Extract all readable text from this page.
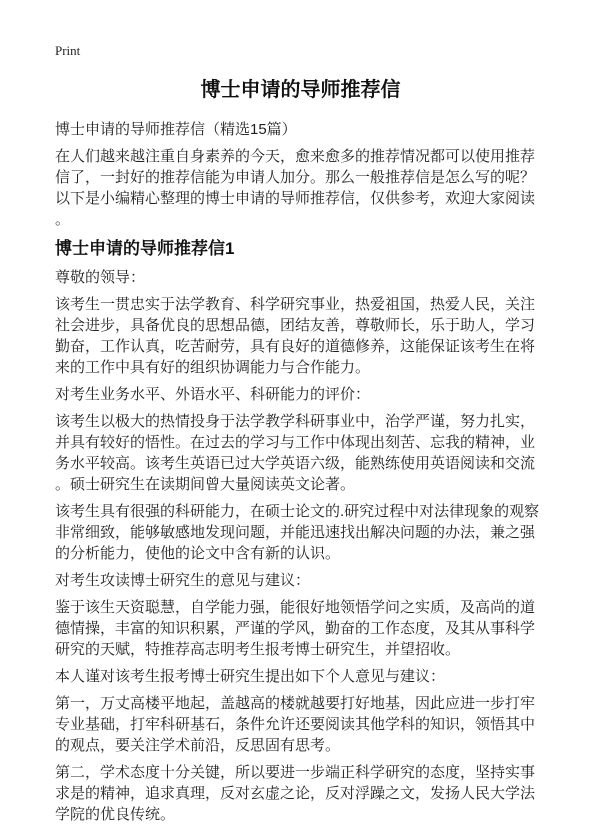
Print
博士申请的导师推荐信
博士申请的导师推荐信（精选15篇）

在人们越来越注重自身素养的今天，愈来愈多的推荐情况都可以使用推荐信了，一封好的推荐信能为申请人加分。那么一般推荐信是怎么写的呢？以下是小编精心整理的博士申请的导师推荐信，仅供参考，欢迎大家阅读。

博士申请的导师推荐信1

尊敬的领导：

该考生一贯忠实于法学教育、科学研究事业，热爱祖国，热爱人民，关注社会进步，具备优良的思想品德，团结友善，尊敬师长，乐于助人，学习勤奋，工作认真，吃苦耐劳，具有良好的道德修养，这能保证该考生在将来的工作中具有好的组织协调能力与合作能力。

对考生业务水平、外语水平、科研能力的评价：

该考生以极大的热情投身于法学教学科研事业中，治学严谨，努力扎实，并具有较好的悟性。在过去的学习与工作中体现出刻苦、忘我的精神，业务水平较高。该考生英语已过大学英语六级，能熟练使用英语阅读和交流。硕士研究生在读期间曾大量阅读英文论著。

该考生具有很强的科研能力，在硕士论文的.研究过程中对法律现象的观察非常细致，能够敏感地发现问题，并能迅速找出解决问题的办法，兼之强的分析能力，使他的论文中含有新的认识。

对考生攻读博士研究生的意见与建议：

鉴于该生天资聪慧，自学能力强，能很好地领悟学问之实质，及高尚的道德情操，丰富的知识积累，严谨的学风，勤奋的工作态度，及其从事科学研究的天赋，特推荐高志明考生报考博士研究生，并望招收。

本人谨对该考生报考博士研究生提出如下个人意见与建议：

第一，万丈高楼平地起，盖越高的楼就越要打好地基，因此应进一步打牢专业基础，打牢科研基石，条件允许还要阅读其他学科的知识，领悟其中的观点，要关注学术前沿，反思固有思考。

第二，学术态度十分关键，所以要进一步端正科学研究的态度，坚持实事求是的精神，追求真理，反对玄虚之论，反对浮躁之文，发扬人民大学法学院的优良传统。
